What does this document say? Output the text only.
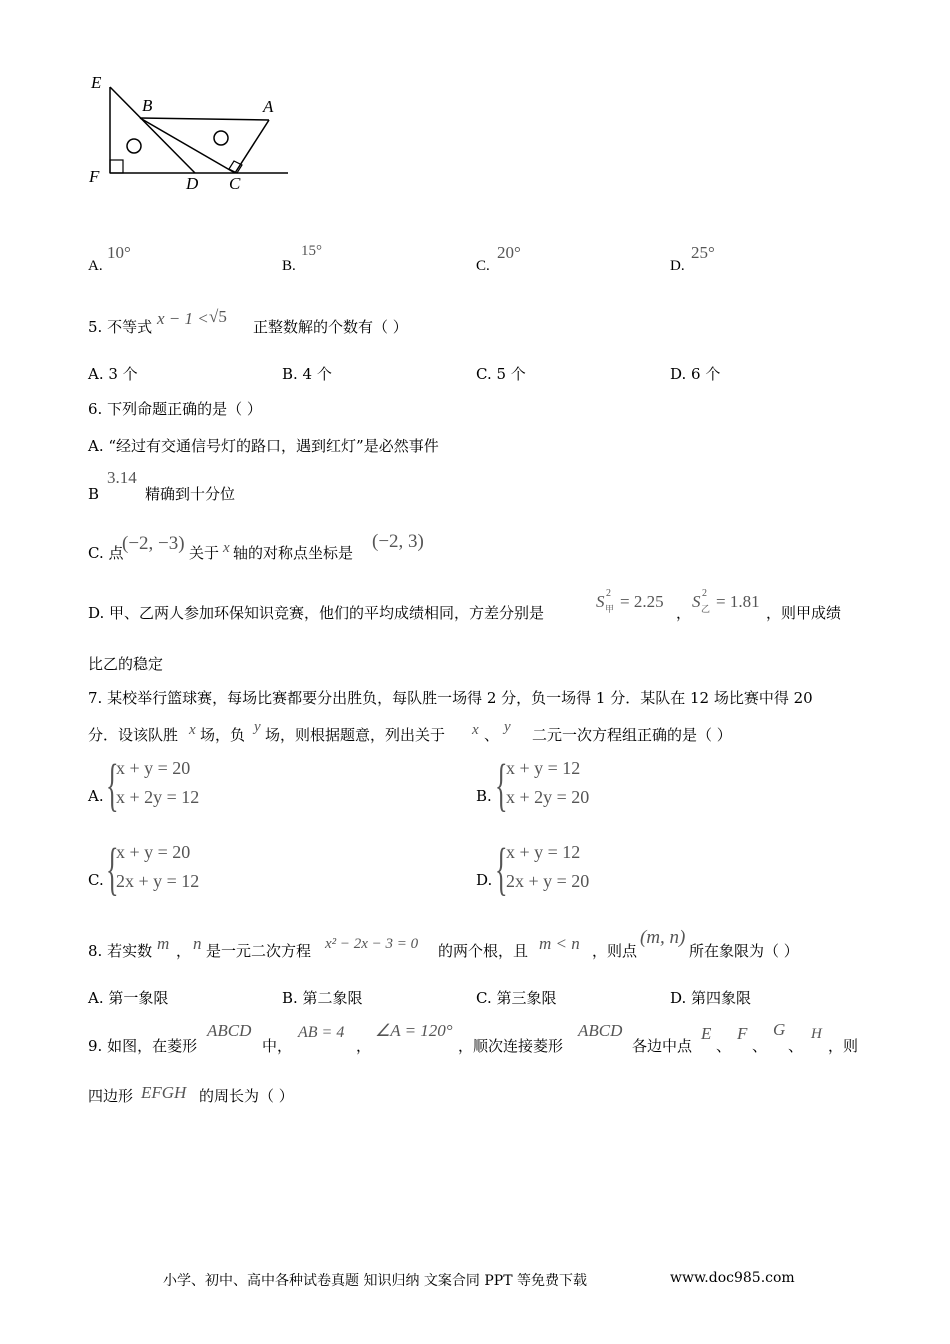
E
B	A
F	D C
A.
10°
B.
15°
C.
20°
D.
25°
5. 不等式 x − 1 < √5
正整数解的个数有（ ）
A. 3 个	B. 4 个	C. 5 个	D. 6 个
6. 下列命题正确的是（ ）
A. “经过有交通信号灯的路口，遇到红灯”是必然事件
B
3.14
精确到十分位
C. 点
(−2, −3) 关于 x 轴的对称点坐标是
(−2, 3)
D. 甲、乙两人参加环保知识竞赛，他们的平均成绩相同，方差分别是
S 2
甲 = 2.25
，
S 2
乙 = 1.81
，则甲成绩
比乙的稳定
7. 某校举行篮球赛，每场比赛都要分出胜负，每队胜一场得 2 分，负一场得 1 分．某队在 12 场比赛中得 20
分．设该队胜 x 场，负 y 场，则根据题意，列出关于 x 、 y 二元一次方程组正确的是（ ）
A. {
x + y = 20
x + 2y = 12	B. {
x + y = 12
x + 2y = 20
C. {
x + y = 20
2x + y = 12	D. {
x + y = 12
2x + y = 20
8. 若实数 m ， n 是一元二次方程 x² − 2x − 3 = 0 的两个根，且 m < n ，则点
(m, n)
所在象限为（ ）
A. 第一象限	B. 第二象限	C. 第三象限	D. 第四象限
9. 如图，在菱形
ABCD
中，
AB = 4
，
∠A = 120°
，顺次连接菱形
ABCD
各边中点
E
、
F
、
G
、
H
，则
四边形 EFGH 的周长为（ ）
小学、初中、高中各种试卷真题 知识归纳 文案合同 PPT 等免费下载	www.doc985.com
